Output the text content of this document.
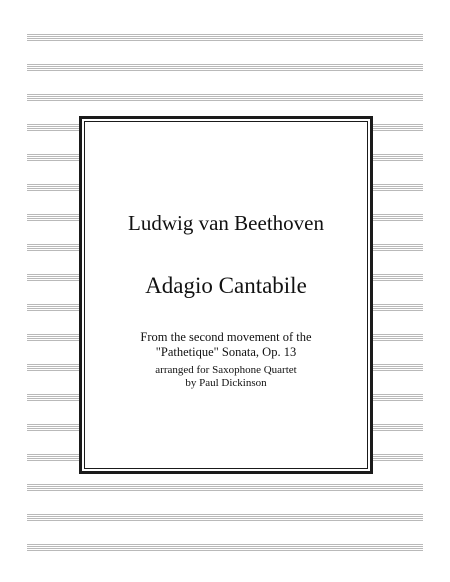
Ludwig van Beethoven
Adagio Cantabile
From the second movement of the
"Pathetique" Sonata, Op. 13
arranged for Saxophone Quartet
by Paul Dickinson
